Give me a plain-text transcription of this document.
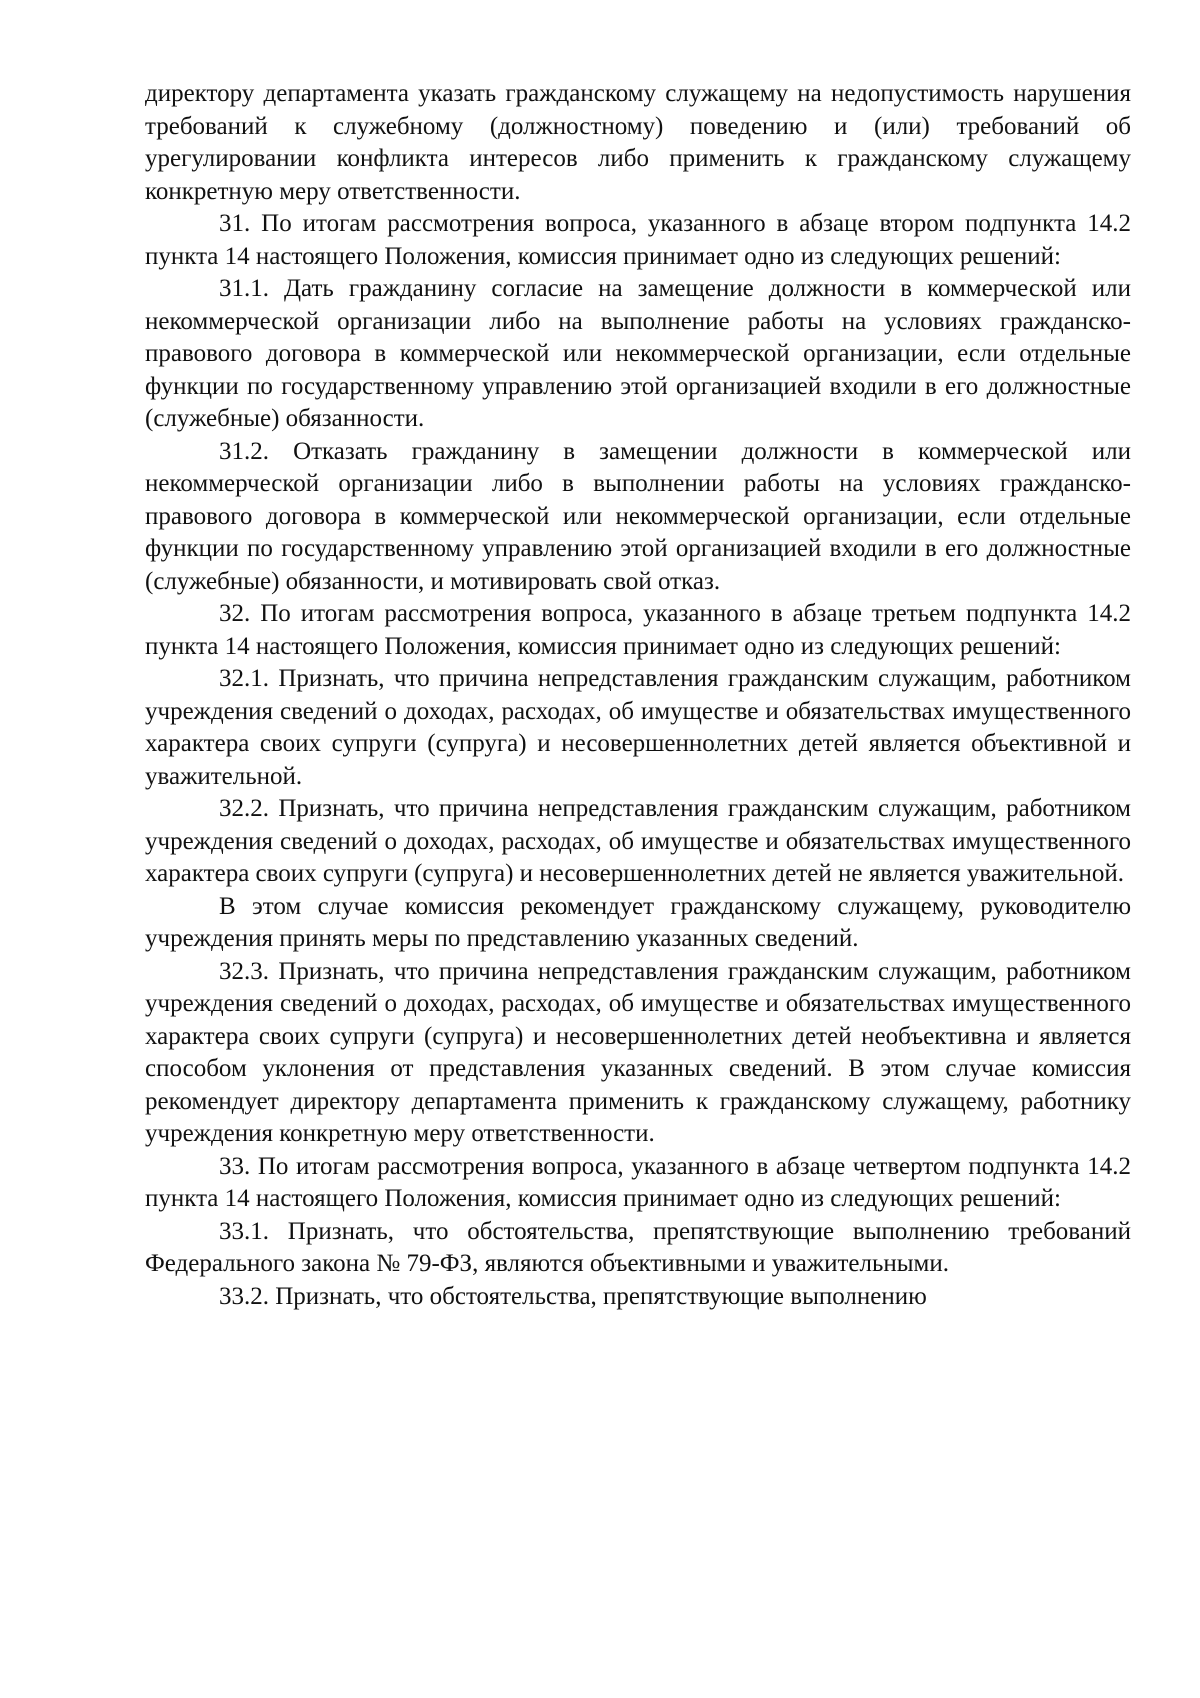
директору департамента указать гражданскому служащему на недопустимость нарушения требований к служебному (должностному) поведению и (или) требований об урегулировании конфликта интересов либо применить к гражданскому служащему конкретную меру ответственности.

31. По итогам рассмотрения вопроса, указанного в абзаце втором подпункта 14.2 пункта 14 настоящего Положения, комиссия принимает одно из следующих решений:

31.1. Дать гражданину согласие на замещение должности в коммерческой или некоммерческой организации либо на выполнение работы на условиях гражданско-правового договора в коммерческой или некоммерческой организации, если отдельные функции по государственному управлению этой организацией входили в его должностные (служебные) обязанности.

31.2. Отказать гражданину в замещении должности в коммерческой или некоммерческой организации либо в выполнении работы на условиях гражданско-правового договора в коммерческой или некоммерческой организации, если отдельные функции по государственному управлению этой организацией входили в его должностные (служебные) обязанности, и мотивировать свой отказ.

32. По итогам рассмотрения вопроса, указанного в абзаце третьем подпункта 14.2 пункта 14 настоящего Положения, комиссия принимает одно из следующих решений:

32.1. Признать, что причина непредставления гражданским служащим, работником учреждения сведений о доходах, расходах, об имуществе и обязательствах имущественного характера своих супруги (супруга) и несовершеннолетних детей является объективной и уважительной.

32.2. Признать, что причина непредставления гражданским служащим, работником учреждения сведений о доходах, расходах, об имуществе и обязательствах имущественного характера своих супруги (супруга) и несовершеннолетних детей не является уважительной.

В этом случае комиссия рекомендует гражданскому служащему, руководителю учреждения принять меры по представлению указанных сведений.

32.3. Признать, что причина непредставления гражданским служащим, работником учреждения сведений о доходах, расходах, об имуществе и обязательствах имущественного характера своих супруги (супруга) и несовершеннолетних детей необъективна и является способом уклонения от представления указанных сведений. В этом случае комиссия рекомендует директору департамента применить к гражданскому служащему, работнику учреждения конкретную меру ответственности.

33. По итогам рассмотрения вопроса, указанного в абзаце четвертом подпункта 14.2 пункта 14 настоящего Положения, комиссия принимает одно из следующих решений:

33.1. Признать, что обстоятельства, препятствующие выполнению требований Федерального закона № 79-ФЗ, являются объективными и уважительными.

33.2. Признать, что обстоятельства, препятствующие выполнению
